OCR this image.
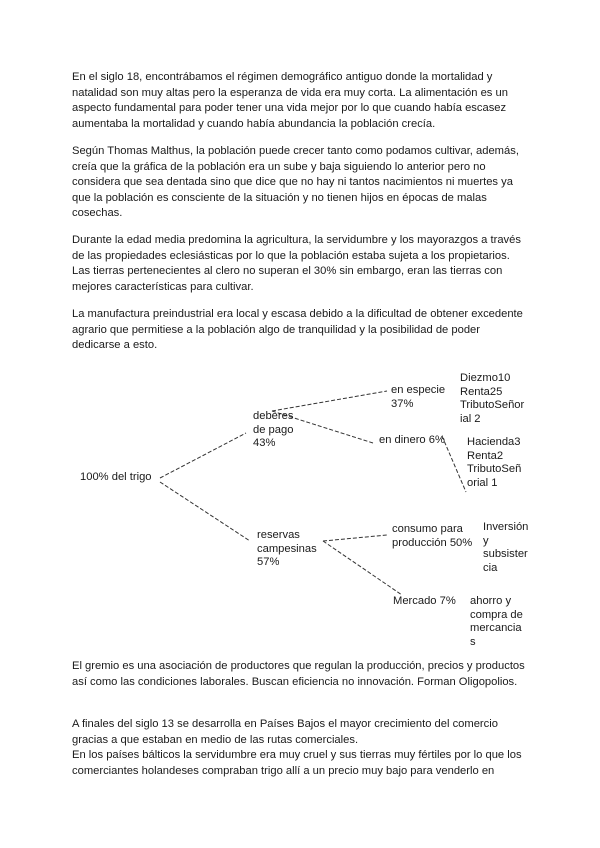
En el siglo 18, encontrábamos el régimen demográfico antiguo donde la mortalidad y natalidad son muy altas pero la esperanza de vida era muy corta. La alimentación es un aspecto fundamental para poder tener una vida mejor por lo que cuando había escasez aumentaba la mortalidad y cuando había abundancia la población crecía.

Según Thomas Malthus, la población puede crecer tanto como podamos cultivar, además, creía que la gráfica de la población era un sube y baja siguiendo lo anterior pero no considera que sea dentada sino que dice que no hay ni tantos nacimientos ni muertes ya que la población es consciente de la situación y no tienen hijos en épocas de malas cosechas.

Durante la edad media predomina la agricultura, la servidumbre y los mayorazgos a través de las propiedades eclesiásticas por lo que la población estaba sujeta a los propietarios. Las tierras pertenecientes al clero no superan el 30% sin embargo, eran las tierras con mejores características para cultivar.

La manufactura preindustrial era local y escasa debido a la dificultad de obtener excedente agrario que permitiese a la población algo de tranquilidad y la posibilidad de poder dedicarse a esto.

100% del trigo
deberes
de pago
43%
reservas
campesinas
57%
en especie
37%
en dinero 6%
consumo para
producción 50%
Mercado 7%
Diezmo10
Renta25
TributoSeñor
ial 2
Hacienda3
Renta2
TributoSeñ
orial 1
Inversión
y
subsister
cia
ahorro y
compra de
mercancia
s

El gremio es una asociación de productores que regulan la producción, precios y productos así como las condiciones laborales. Buscan eficiencia no innovación. Forman Oligopolios.

A finales del siglo 13 se desarrolla en Países Bajos el mayor crecimiento del comercio gracias a que estaban en medio de las rutas comerciales.
En los países bálticos la servidumbre era muy cruel y sus tierras muy fértiles por lo que los comerciantes holandeses compraban trigo allí a un precio muy bajo para venderlo en
